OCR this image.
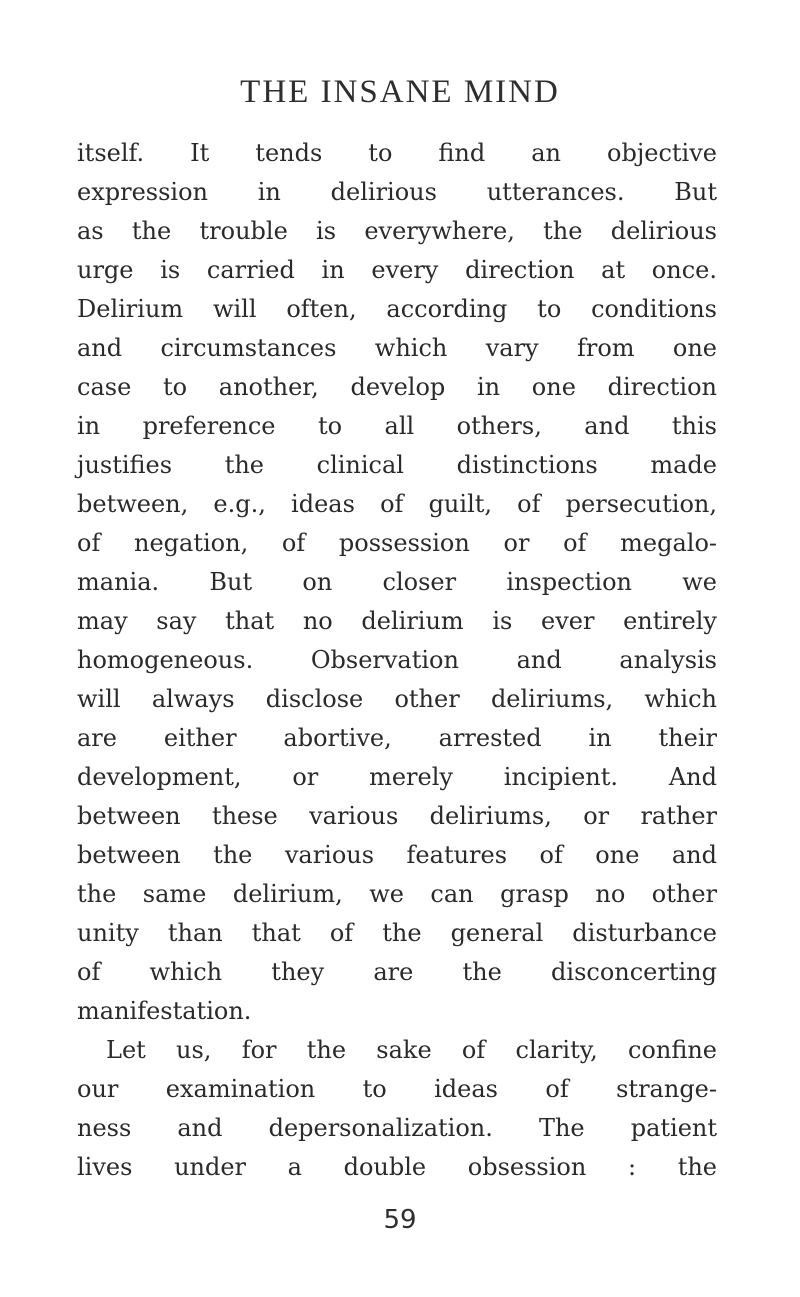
THE INSANE MIND
itself. It tends to find an objective
expression in delirious utterances. But
as the trouble is everywhere, the delirious
urge is carried in every direction at once.
Delirium will often, according to conditions
and circumstances which vary from one
case to another, develop in one direction
in preference to all others, and this
justifies the clinical distinctions made
between, e.g., ideas of guilt, of persecution,
of negation, of possession or of megalo-
mania. But on closer inspection we
may say that no delirium is ever entirely
homogeneous. Observation and analysis
will always disclose other deliriums, which
are either abortive, arrested in their
development, or merely incipient. And
between these various deliriums, or rather
between the various features of one and
the same delirium, we can grasp no other
unity than that of the general disturbance
of which they are the disconcerting
manifestation.
Let us, for the sake of clarity, confine
our examination to ideas of strange-
ness and depersonalization. The patient
lives under a double obsession : the
59
